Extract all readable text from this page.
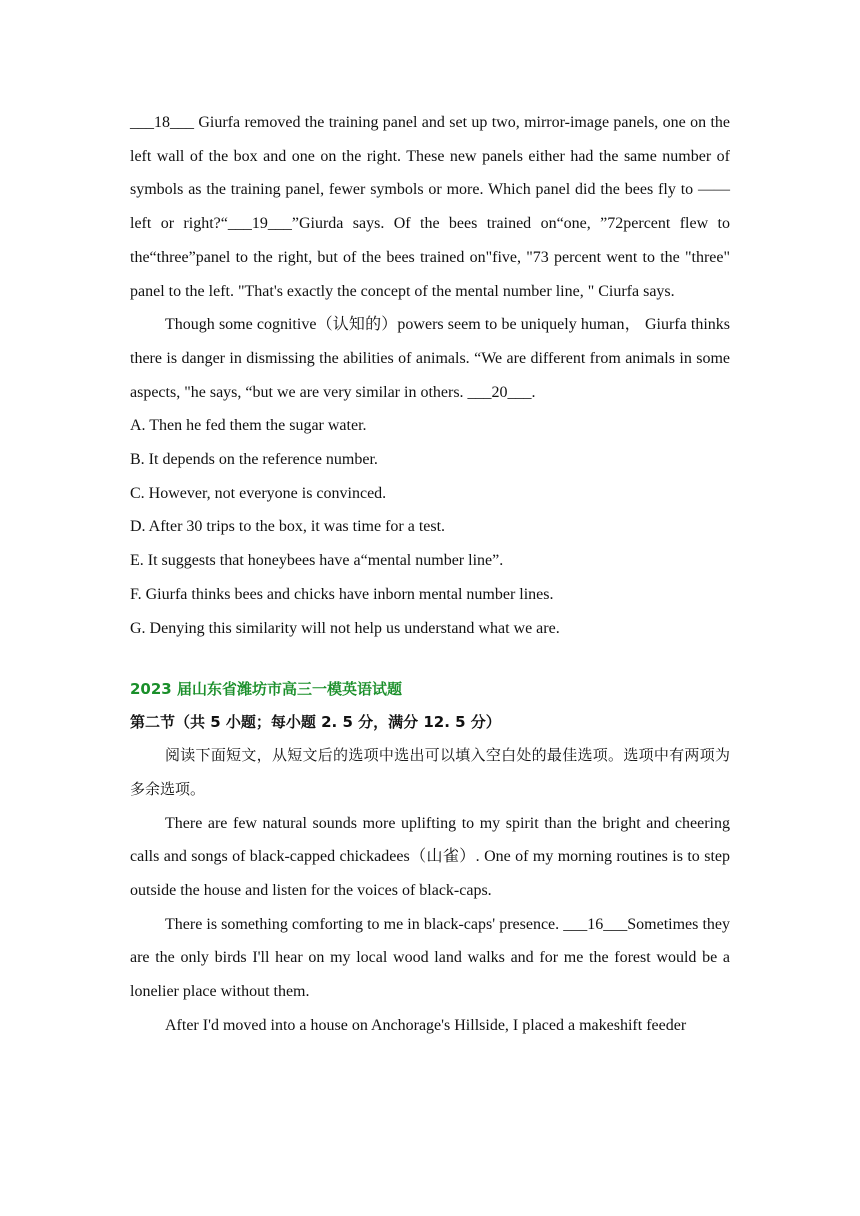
___18___ Giurfa removed the training panel and set up two, mirror-image panels, one on the left wall of the box and one on the right. These new panels either had the same number of symbols as the training panel, fewer symbols or more. Which panel did the bees fly to —— left or right?“___19___”Giurda says. Of the bees trained on“one, ”72percent flew to the“three”panel to the right, but of the bees trained on"five, "73 percent went to the "three" panel to the left. "That's exactly the concept of the mental number line, " Ciurfa says.

Though some cognitive（认知的）powers seem to be uniquely human， Giurfa thinks there is danger in dismissing the abilities of animals. “We are different from animals in some aspects, "he says, “but we are very similar in others. ___20___.

A. Then he fed them the sugar water.

B. It depends on the reference number.

C. However, not everyone is convinced.

D. After 30 trips to the box, it was time for a test.

E. It suggests that honeybees have a“mental number line”.

F. Giurfa thinks bees and chicks have inborn mental number lines.

G. Denying this similarity will not help us understand what we are.

2023 届山东省潍坊市高三一模英语试题

第二节（共 5 小题；每小题 2. 5 分，满分 12. 5 分）

阅读下面短文，从短文后的选项中选出可以填入空白处的最佳选项。选项中有两项为多余选项。

There are few natural sounds more uplifting to my spirit than the bright and cheering calls and songs of black-capped chickadees（山雀）. One of my morning routines is to step outside the house and listen for the voices of black-caps.

There is something comforting to me in black-caps' presence. ___16___Sometimes they are the only birds I'll hear on my local wood land walks and for me the forest would be a lonelier place without them.

After I'd moved into a house on Anchorage's Hillside, I placed a makeshift feeder
